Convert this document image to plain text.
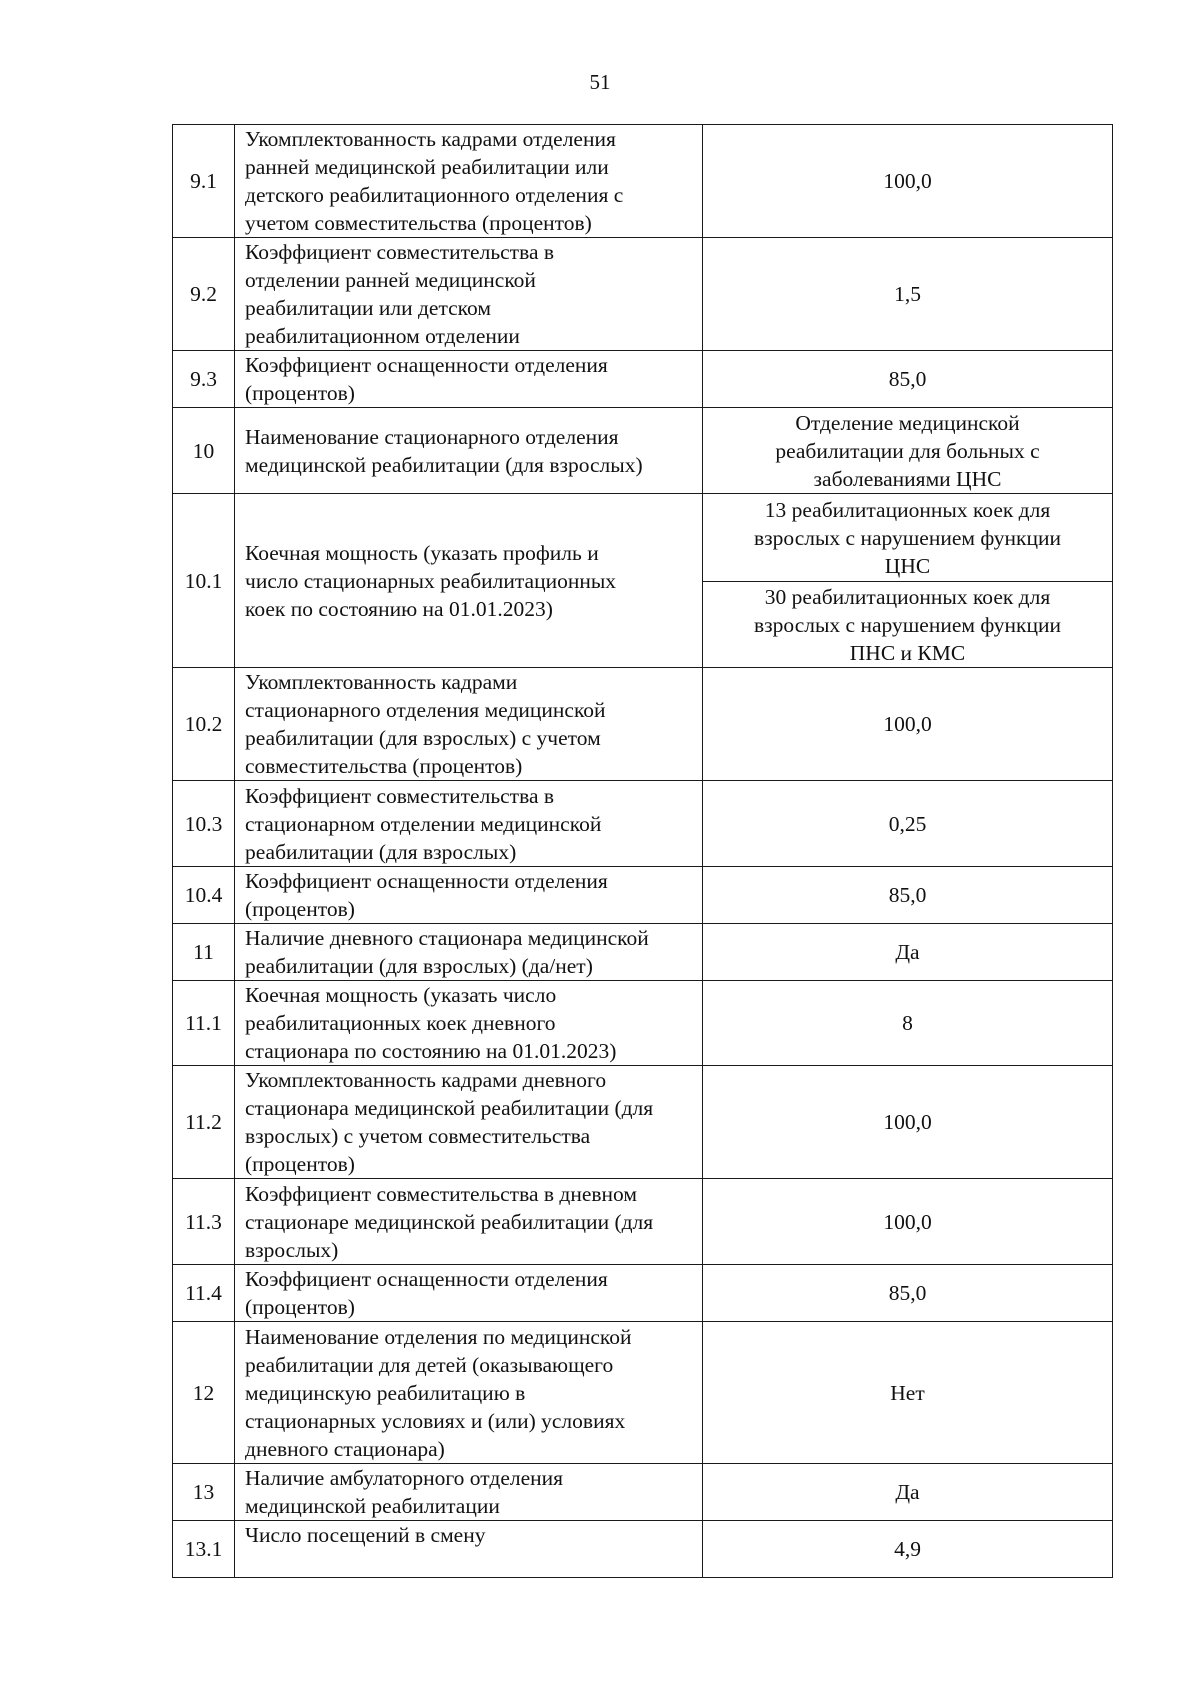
51
9.1	Укомплектованность кадрами отделения
ранней медицинской реабилитации или
детского реабилитационного отделения с
учетом совместительства (процентов)	100,0

9.2	Коэффициент совместительства в
отделении ранней медицинской
реабилитации или детском
реабилитационном отделении	1,5

9.3	Коэффициент оснащенности отделения
(процентов)	85,0

10	Наименование стационарного отделения
медицинской реабилитации (для взрослых)	Отделение медицинской
реабилитации для больных с
заболеваниями ЦНС

10.1	Коечная мощность (указать профиль и
число стационарных реабилитационных
коек по состоянию на 01.01.2023)	13 реабилитационных коек для
взрослых с нарушением функции
ЦНС

		30 реабилитационных коек для
взрослых с нарушением функции
ПНС и КМС

10.2	Укомплектованность кадрами
стационарного отделения медицинской
реабилитации (для взрослых) с учетом
совместительства (процентов)	100,0

10.3	Коэффициент совместительства в
стационарном отделении медицинской
реабилитации (для взрослых)	0,25

10.4	Коэффициент оснащенности отделения
(процентов)	85,0

11	Наличие дневного стационара медицинской
реабилитации (для взрослых) (да/нет)	Да

11.1	Коечная мощность (указать число
реабилитационных коек дневного
стационара по состоянию на 01.01.2023)	8

11.2	Укомплектованность кадрами дневного
стационара медицинской реабилитации (для
взрослых) с учетом совместительства
(процентов)	100,0

11.3	Коэффициент совместительства в дневном
стационаре медицинской реабилитации (для
взрослых)	100,0

11.4	Коэффициент оснащенности отделения
(процентов)	85,0

12	Наименование отделения по медицинской
реабилитации для детей (оказывающего
медицинскую реабилитацию в
стационарных условиях и (или) условиях
дневного стационара)	Нет

13	Наличие амбулаторного отделения
медицинской реабилитации	Да

13.1	Число посещений в смену	4,9
